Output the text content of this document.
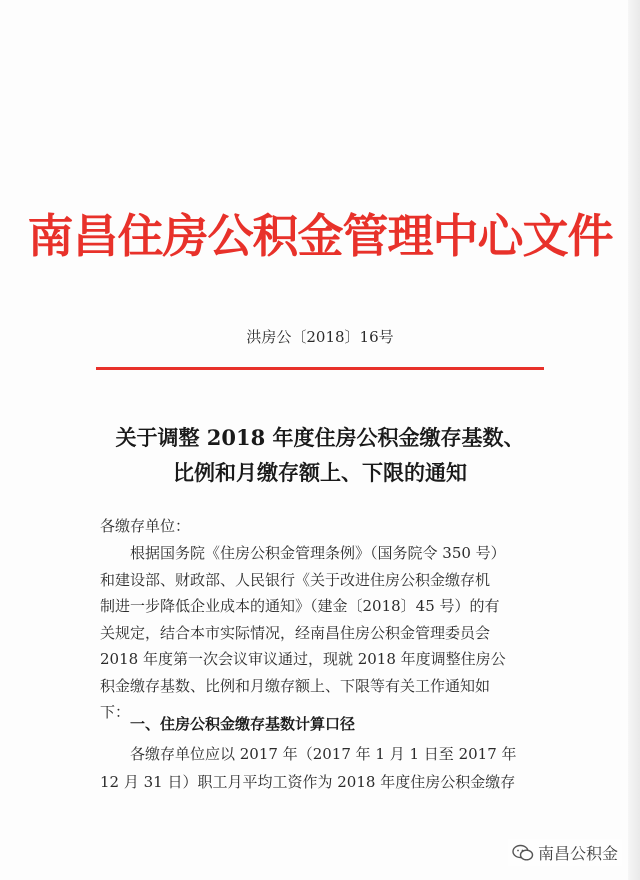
南昌住房公积金管理中心文件
洪房公〔2018〕16号
关于调整 2018 年度住房公积金缴存基数、
比例和月缴存额上、下限的通知
各缴存单位：
根据国务院《住房公积金管理条例》（国务院令 350 号）
和建设部、财政部、人民银行《关于改进住房公积金缴存机
制进一步降低企业成本的通知》（建金〔2018〕45 号）的有
关规定，结合本市实际情况，经南昌住房公积金管理委员会
2018 年度第一次会议审议通过，现就 2018 年度调整住房公
积金缴存基数、比例和月缴存额上、下限等有关工作通知如
下：
一、住房公积金缴存基数计算口径
各缴存单位应以 2017 年（2017 年 1 月 1 日至 2017 年
12 月 31 日）职工月平均工资作为 2018 年度住房公积金缴存
南昌公积金
